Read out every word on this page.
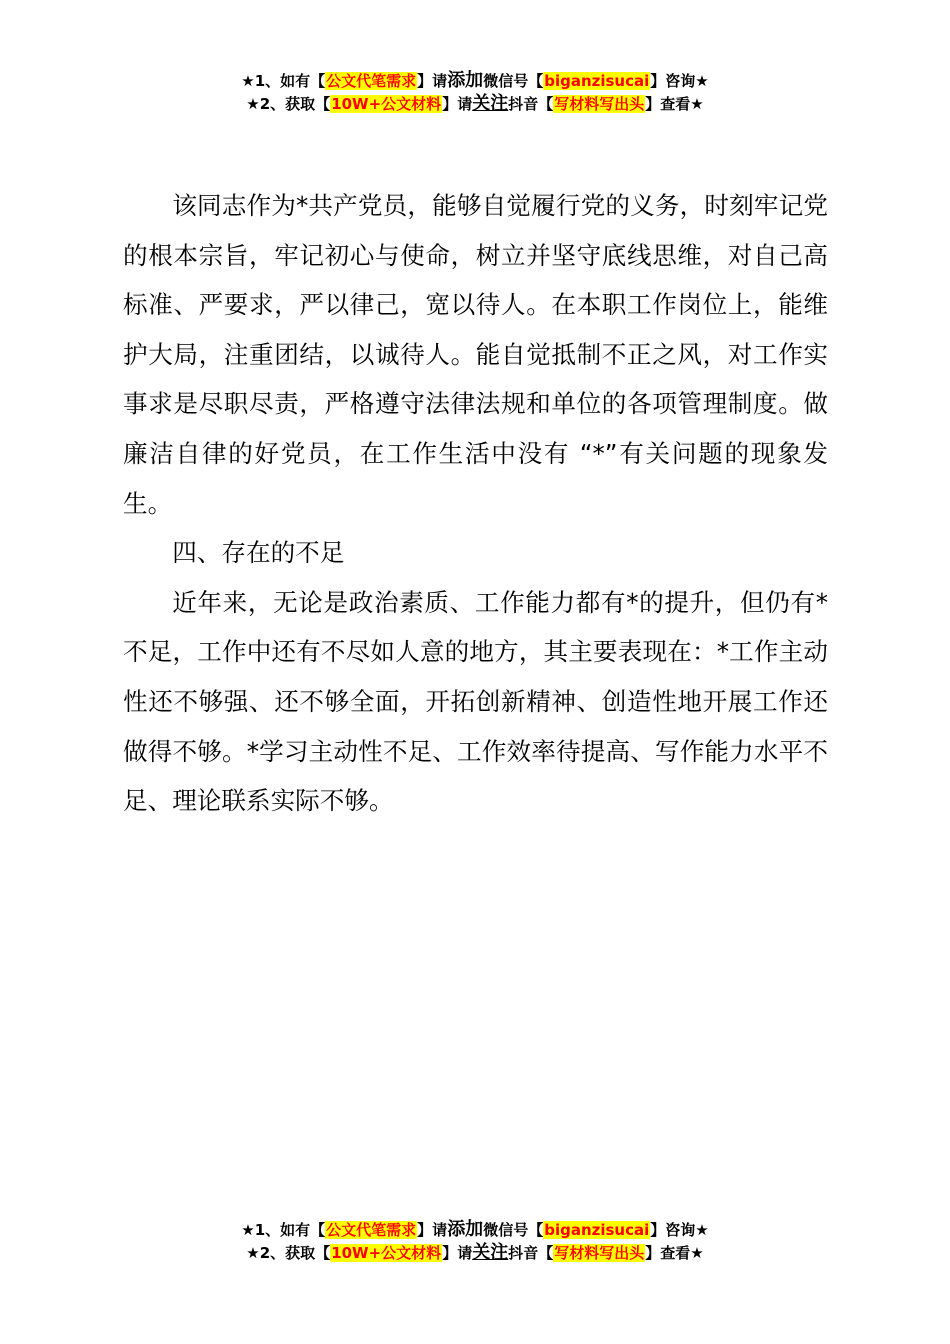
★1、如有【公文代笔需求】请添加微信号【biganzisucai】咨询★
★2、获取【10W+公文材料】请关注抖音【写材料写出头】查看★

该同志作为*共产党员，能够自觉履行党的义务，时刻牢记党的根本宗旨，牢记初心与使命，树立并坚守底线思维，对自己高标准、严要求，严以律己，宽以待人。在本职工作岗位上，能维护大局，注重团结，以诚待人。能自觉抵制不正之风，对工作实事求是尽职尽责，严格遵守法律法规和单位的各项管理制度。做廉洁自律的好党员，在工作生活中没有 “*”有关问题的现象发生。

四、存在的不足

近年来，无论是政治素质、工作能力都有*的提升，但仍有*不足，工作中还有不尽如人意的地方，其主要表现在：*工作主动性还不够强、还不够全面，开拓创新精神、创造性地开展工作还做得不够。*学习主动性不足、工作效率待提高、写作能力水平不足、理论联系实际不够。

★1、如有【公文代笔需求】请添加微信号【biganzisucai】咨询★
★2、获取【10W+公文材料】请关注抖音【写材料写出头】查看★
